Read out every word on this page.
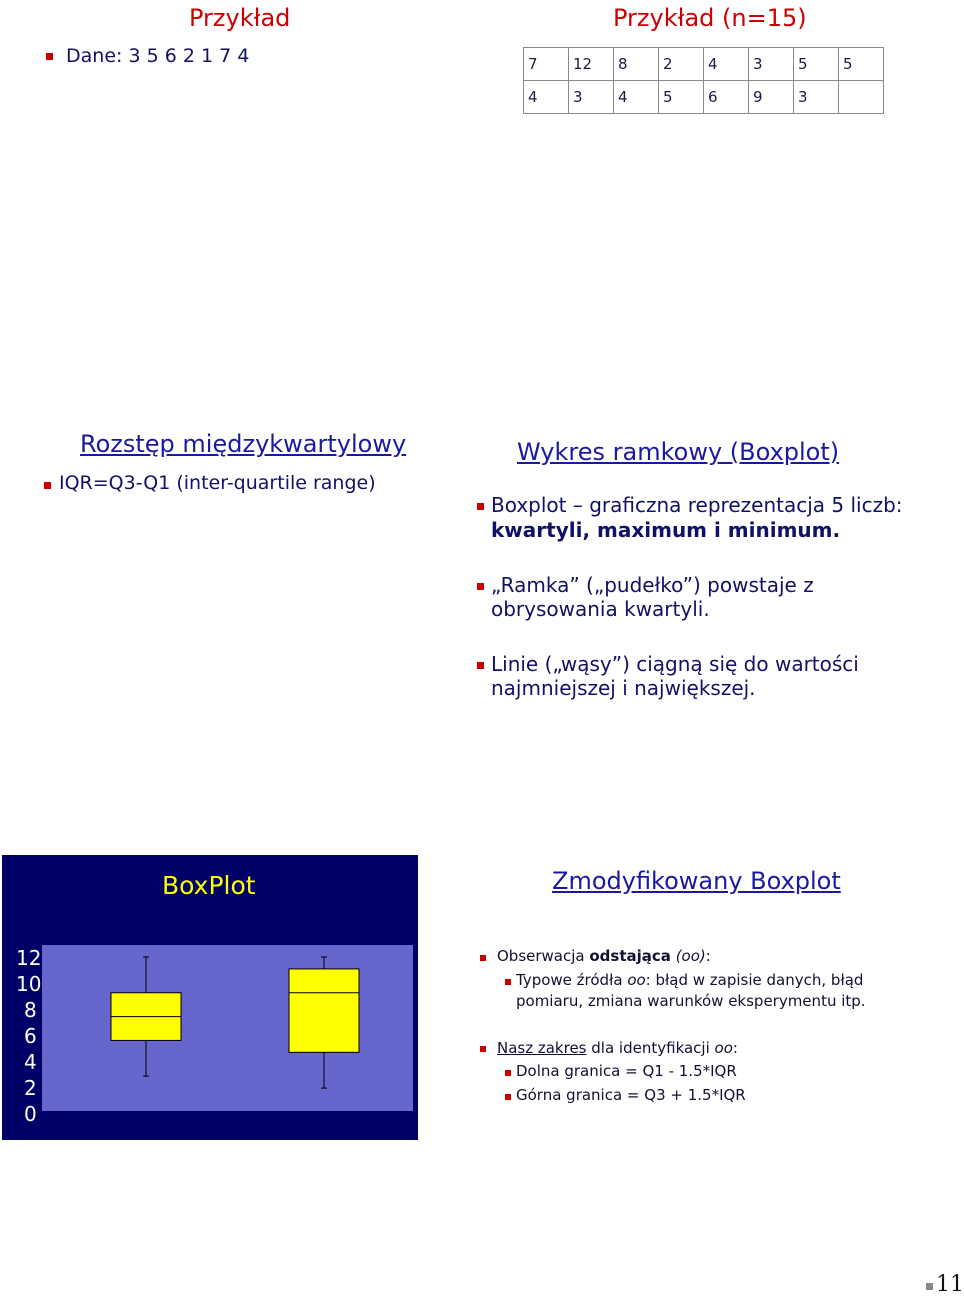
Przykład
Dane: 3 5 6 2 1 7 4
Przykład (n=15)
7	12	8	2	4	3	5	5
4	3	4	5	6	9	3	
Rozstęp międzykwartylowy
IQR=Q3-Q1 (inter-quartile range)
Wykres ramkowy (Boxplot)
Boxplot – graficzna reprezentacja 5 liczb:
kwartyli, maximum i minimum.
„Ramka” („pudełko”) powstaje z
obrysowania kwartyli.
Linie („wąsy”) ciągną się do wartości
najmniejszej i największej.
BoxPlot
12
10
8
6
4
2
0
Zmodyfikowany Boxplot
Obserwacja odstająca (oo):
Typowe źródła oo: błąd w zapisie danych, błąd
pomiaru, zmiana warunków eksperymentu itp.
Nasz zakres dla identyfikacji oo:
Dolna granica = Q1 - 1.5*IQR
Górna granica = Q3 + 1.5*IQR
11
